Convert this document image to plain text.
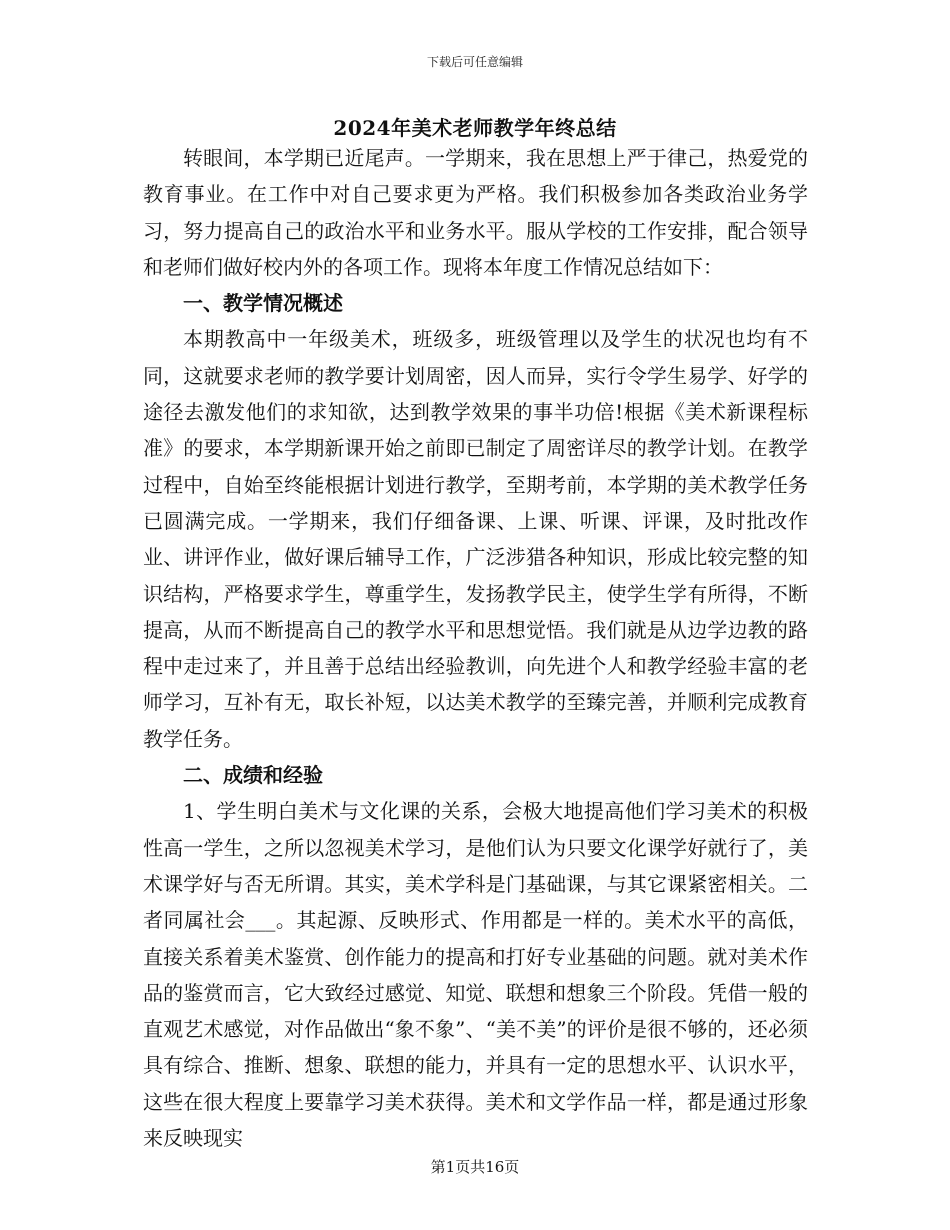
下载后可任意编辑
2024年美术老师教学年终总结

转眼间，本学期已近尾声。一学期来，我在思想上严于律己，热爱党的教育事业。在工作中对自己要求更为严格。我们积极参加各类政治业务学习，努力提高自己的政治水平和业务水平。服从学校的工作安排，配合领导和老师们做好校内外的各项工作。现将本年度工作情况总结如下：

一、教学情况概述

本期教高中一年级美术，班级多，班级管理以及学生的状况也均有不同，这就要求老师的教学要计划周密，因人而异，实行令学生易学、好学的途径去激发他们的求知欲，达到教学效果的事半功倍!根据《美术新课程标准》的要求，本学期新课开始之前即已制定了周密详尽的教学计划。在教学过程中，自始至终能根据计划进行教学，至期考前，本学期的美术教学任务已圆满完成。一学期来，我们仔细备课、上课、听课、评课，及时批改作业、讲评作业，做好课后辅导工作，广泛涉猎各种知识，形成比较完整的知识结构，严格要求学生，尊重学生，发扬教学民主，使学生学有所得，不断提高，从而不断提高自己的教学水平和思想觉悟。我们就是从边学边教的路程中走过来了，并且善于总结出经验教训，向先进个人和教学经验丰富的老师学习，互补有无，取长补短，以达美术教学的至臻完善，并顺利完成教育教学任务。

二、成绩和经验

1、学生明白美术与文化课的关系，会极大地提高他们学习美术的积极性高一学生，之所以忽视美术学习，是他们认为只要文化课学好就行了，美术课学好与否无所谓。其实，美术学科是门基础课，与其它课紧密相关。二者同属社会___。其起源、反映形式、作用都是一样的。美术水平的高低，直接关系着美术鉴赏、创作能力的提高和打好专业基础的问题。就对美术作品的鉴赏而言，它大致经过感觉、知觉、联想和想象三个阶段。凭借一般的直观艺术感觉，对作品做出“象不象”、“美不美”的评价是很不够的，还必须具有综合、推断、想象、联想的能力，并具有一定的思想水平、认识水平，这些在很大程度上要靠学习美术获得。美术和文学作品一样，都是通过形象来反映现实

第1页共16页
